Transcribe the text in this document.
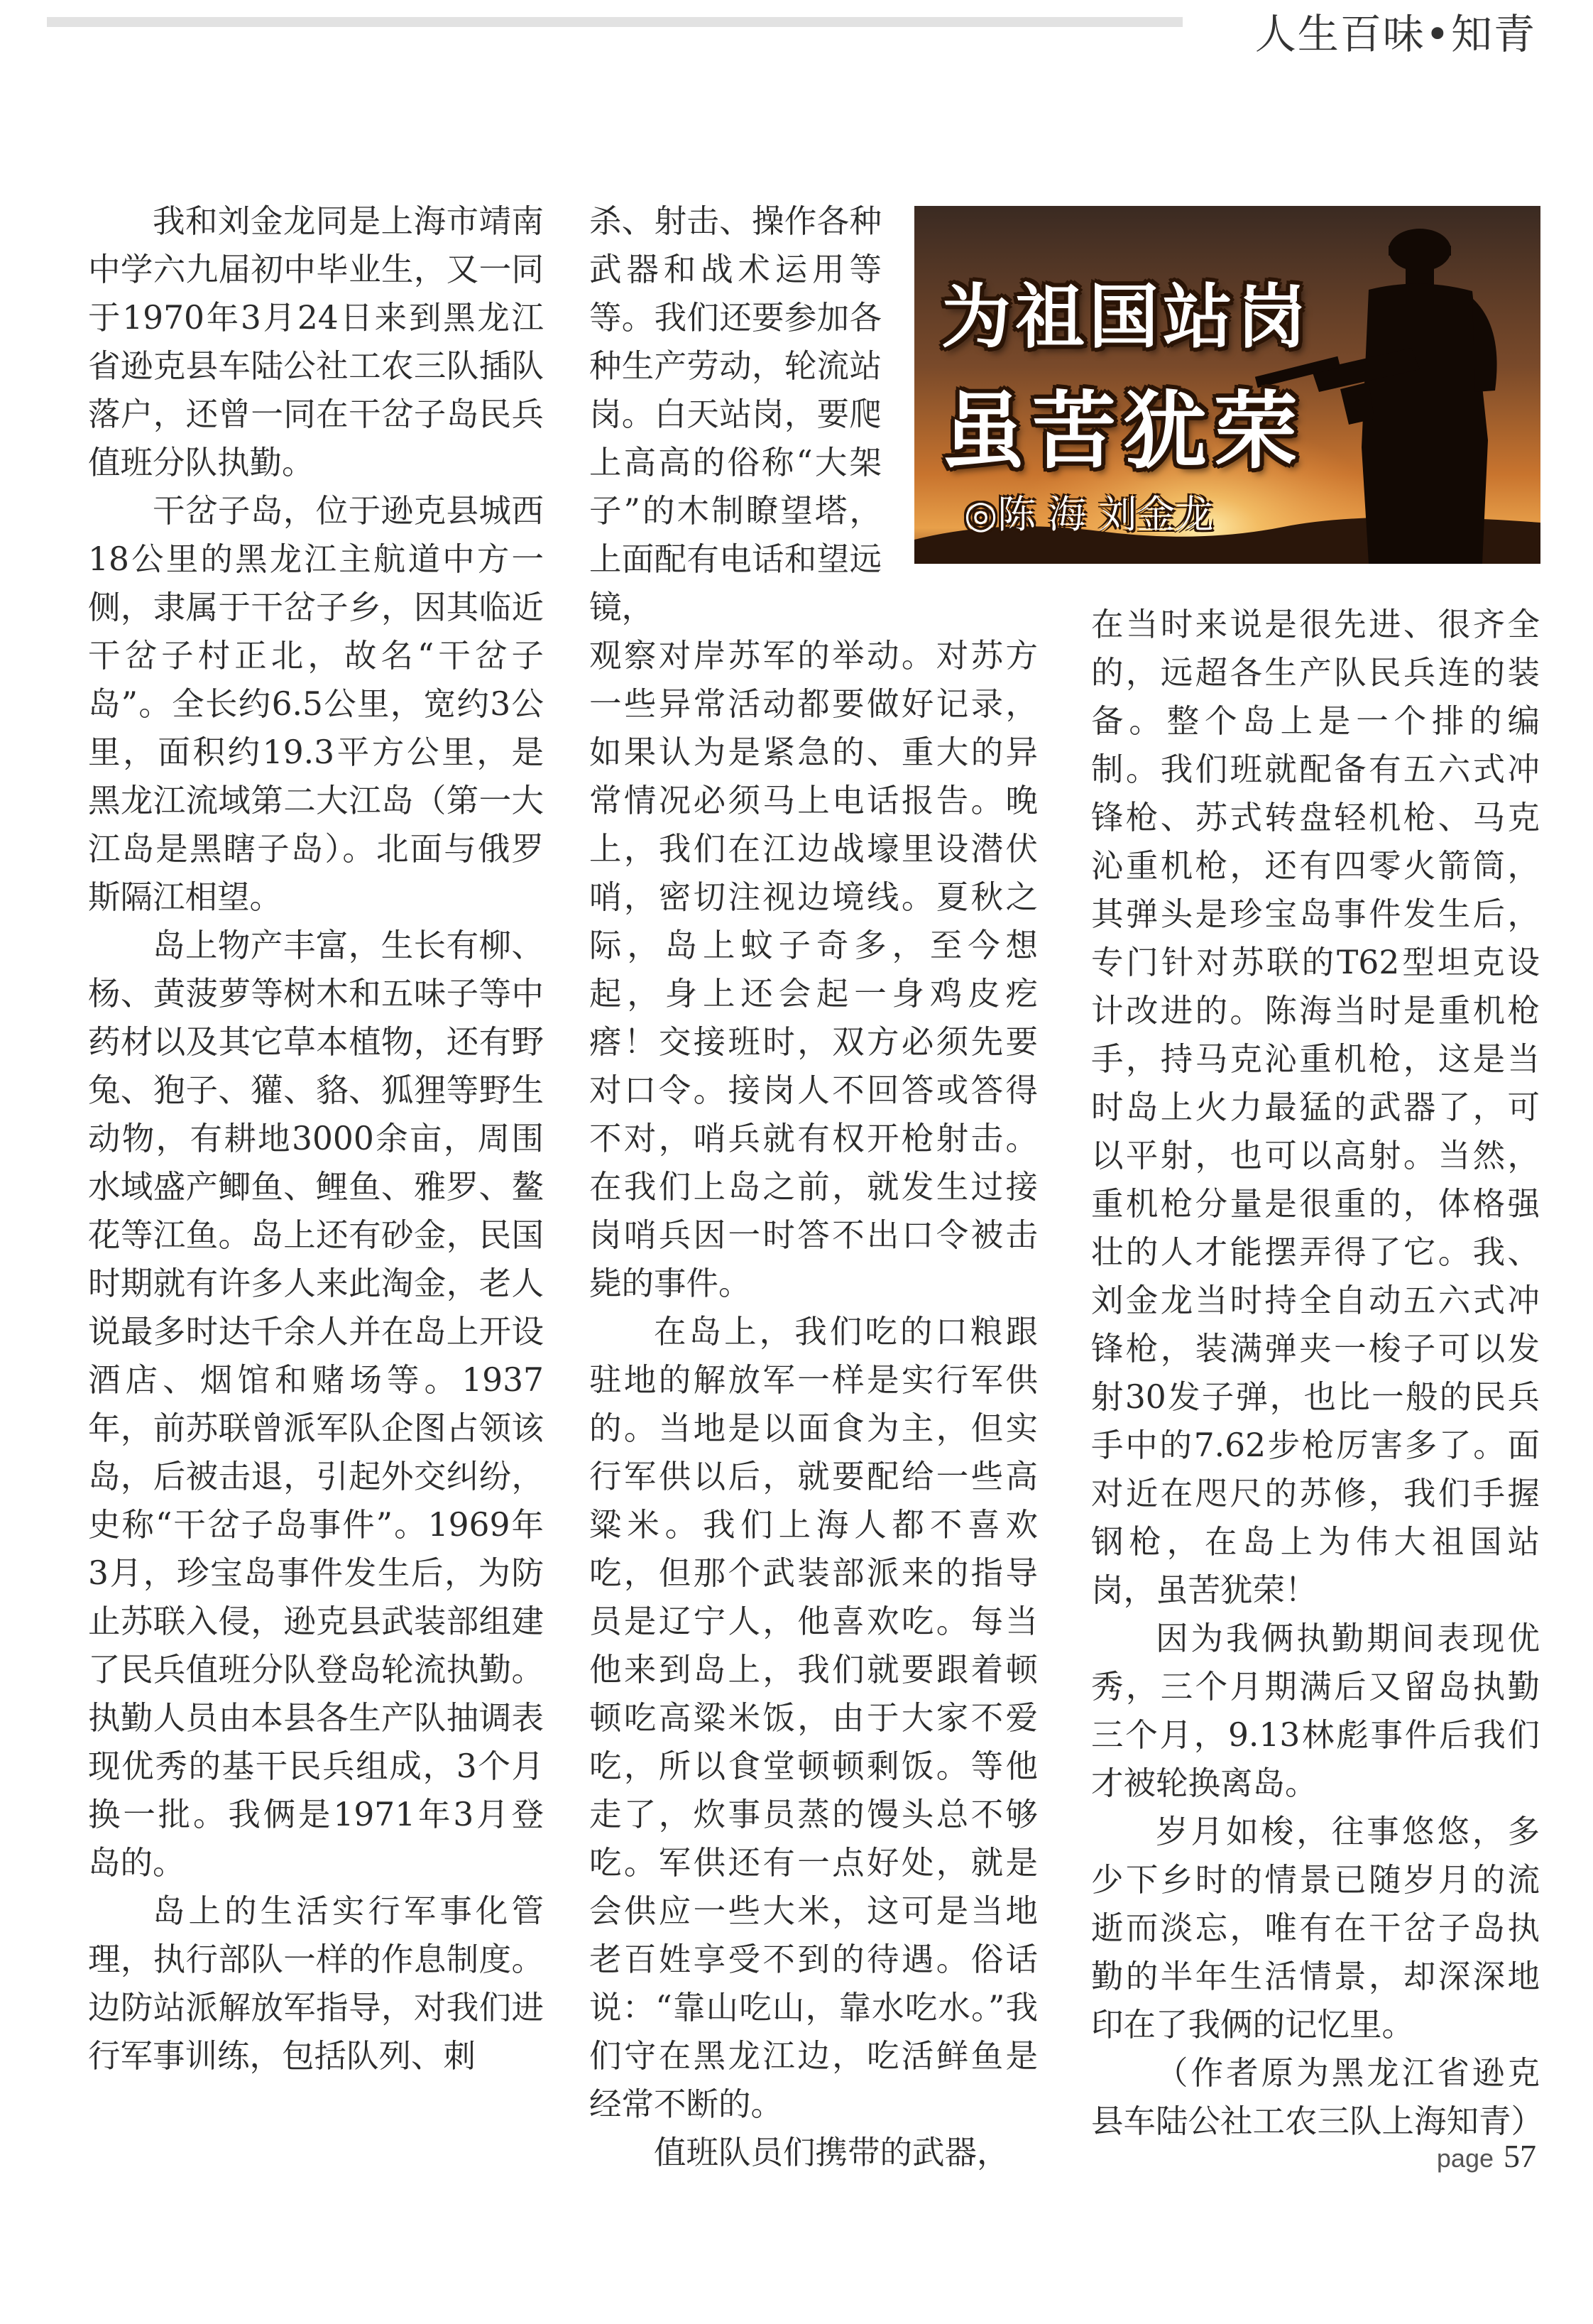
人生百味•知青

我和刘金龙同是上海市靖南中学六九届初中毕业生，又一同于1970年3月24日来到黑龙江省逊克县车陆公社工农三队插队落户，还曾一同在干岔子岛民兵值班分队执勤。

干岔子岛，位于逊克县城西18公里的黑龙江主航道中方一侧，隶属于干岔子乡，因其临近干岔子村正北，故名“干岔子岛”。全长约6.5公里，宽约3公里，面积约19.3平方公里，是黑龙江流域第二大江岛（第一大江岛是黑瞎子岛）。北面与俄罗斯隔江相望。

岛上物产丰富，生长有柳、杨、黄菠萝等树木和五味子等中药材以及其它草本植物，还有野兔、狍子、獾、貉、狐狸等野生动物，有耕地3000余亩，周围水域盛产鲫鱼、鲤鱼、雅罗、鳌花等江鱼。岛上还有砂金，民国时期就有许多人来此淘金，老人说最多时达千余人并在岛上开设酒店、烟馆和赌场等。1937年，前苏联曾派军队企图占领该岛，后被击退，引起外交纠纷，史称“干岔子岛事件”。1969年3月，珍宝岛事件发生后，为防止苏联入侵，逊克县武装部组建了民兵值班分队登岛轮流执勤。执勤人员由本县各生产队抽调表现优秀的基干民兵组成，3个月换一批。我俩是1971年3月登岛的。

岛上的生活实行军事化管理，执行部队一样的作息制度。边防站派解放军指导，对我们进行军事训练，包括队列、刺

杀、射击、操作各种武器和战术运用等等。我们还要参加各种生产劳动，轮流站岗。白天站岗，要爬上高高的俗称“大架子”的木制瞭望塔，上面配有电话和望远镜，

为祖国站岗
虽苦犹荣
◎陈 海 刘金龙

观察对岸苏军的举动。对苏方一些异常活动都要做好记录，如果认为是紧急的、重大的异常情况必须马上电话报告。晚上，我们在江边战壕里设潜伏哨，密切注视边境线。夏秋之际，岛上蚊子奇多，至今想起，身上还会起一身鸡皮疙瘩！交接班时，双方必须先要对口令。接岗人不回答或答得不对，哨兵就有权开枪射击。在我们上岛之前，就发生过接岗哨兵因一时答不出口令被击毙的事件。

在岛上，我们吃的口粮跟驻地的解放军一样是实行军供的。当地是以面食为主，但实行军供以后，就要配给一些高粱米。我们上海人都不喜欢吃，但那个武装部派来的指导员是辽宁人，他喜欢吃。每当他来到岛上，我们就要跟着顿顿吃高粱米饭，由于大家不爱吃，所以食堂顿顿剩饭。等他走了，炊事员蒸的馒头总不够吃。军供还有一点好处，就是会供应一些大米，这可是当地老百姓享受不到的待遇。俗话说：“靠山吃山，靠水吃水。”我们守在黑龙江边，吃活鲜鱼是经常不断的。

值班队员们携带的武器，

在当时来说是很先进、很齐全的，远超各生产队民兵连的装备。整个岛上是一个排的编制。我们班就配备有五六式冲锋枪、苏式转盘轻机枪、马克沁重机枪，还有四零火箭筒，其弹头是珍宝岛事件发生后，专门针对苏联的T62型坦克设计改进的。陈海当时是重机枪手，持马克沁重机枪，这是当时岛上火力最猛的武器了，可以平射，也可以高射。当然，重机枪分量是很重的，体格强壮的人才能摆弄得了它。我、刘金龙当时持全自动五六式冲锋枪，装满弹夹一梭子可以发射30发子弹，也比一般的民兵手中的7.62步枪厉害多了。面对近在咫尺的苏修，我们手握钢枪，在岛上为伟大祖国站岗，虽苦犹荣！

因为我俩执勤期间表现优秀，三个月期满后又留岛执勤三个月，9.13林彪事件后我们才被轮换离岛。

岁月如梭，往事悠悠，多少下乡时的情景已随岁月的流逝而淡忘，唯有在干岔子岛执勤的半年生活情景，却深深地印在了我俩的记忆里。

（作者原为黑龙江省逊克县车陆公社工农三队上海知青）

page 57
